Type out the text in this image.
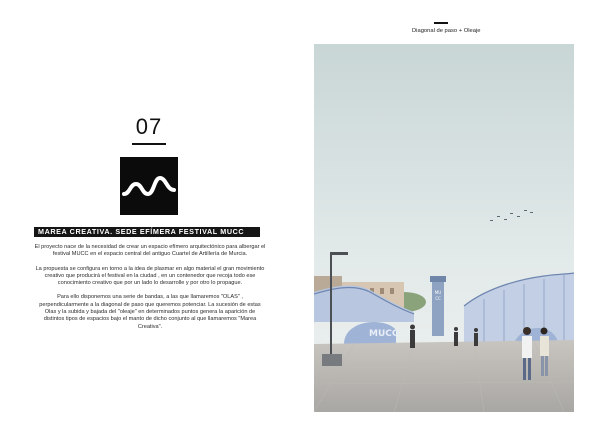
07
MAREA CREATIVA. SEDE EFÍMERA FESTIVAL MUCC

El proyecto nace de la necesidad de crear un espacio efímero arquitectónico para albergar el festival MUCC en el espacio central del antiguo Cuartel de Artillería de Murcia.

La propuesta se configura en torno a la idea de plasmar en algo material el gran movimiento creativo que producirá el festival en la ciudad , en un contenedor que recoja todo ese conocimiento creativo que por un lado lo desarrolle y por otro lo propague.

Para ello disponemos una serie de bandas, a las que llamaremos "OLAS" , perpendicularmente a la diagonal de paso que queremos potenciar. La sucesión de estas Olas y la subida y bajada del "oleaje" en determinados puntos genera la aparición de distintos tipos de espacios bajo el manto de dicho conjunto al que llamaremos "Marea Creativa".

Diagonal de paso + Oleaje
MU
CC
MUCC
